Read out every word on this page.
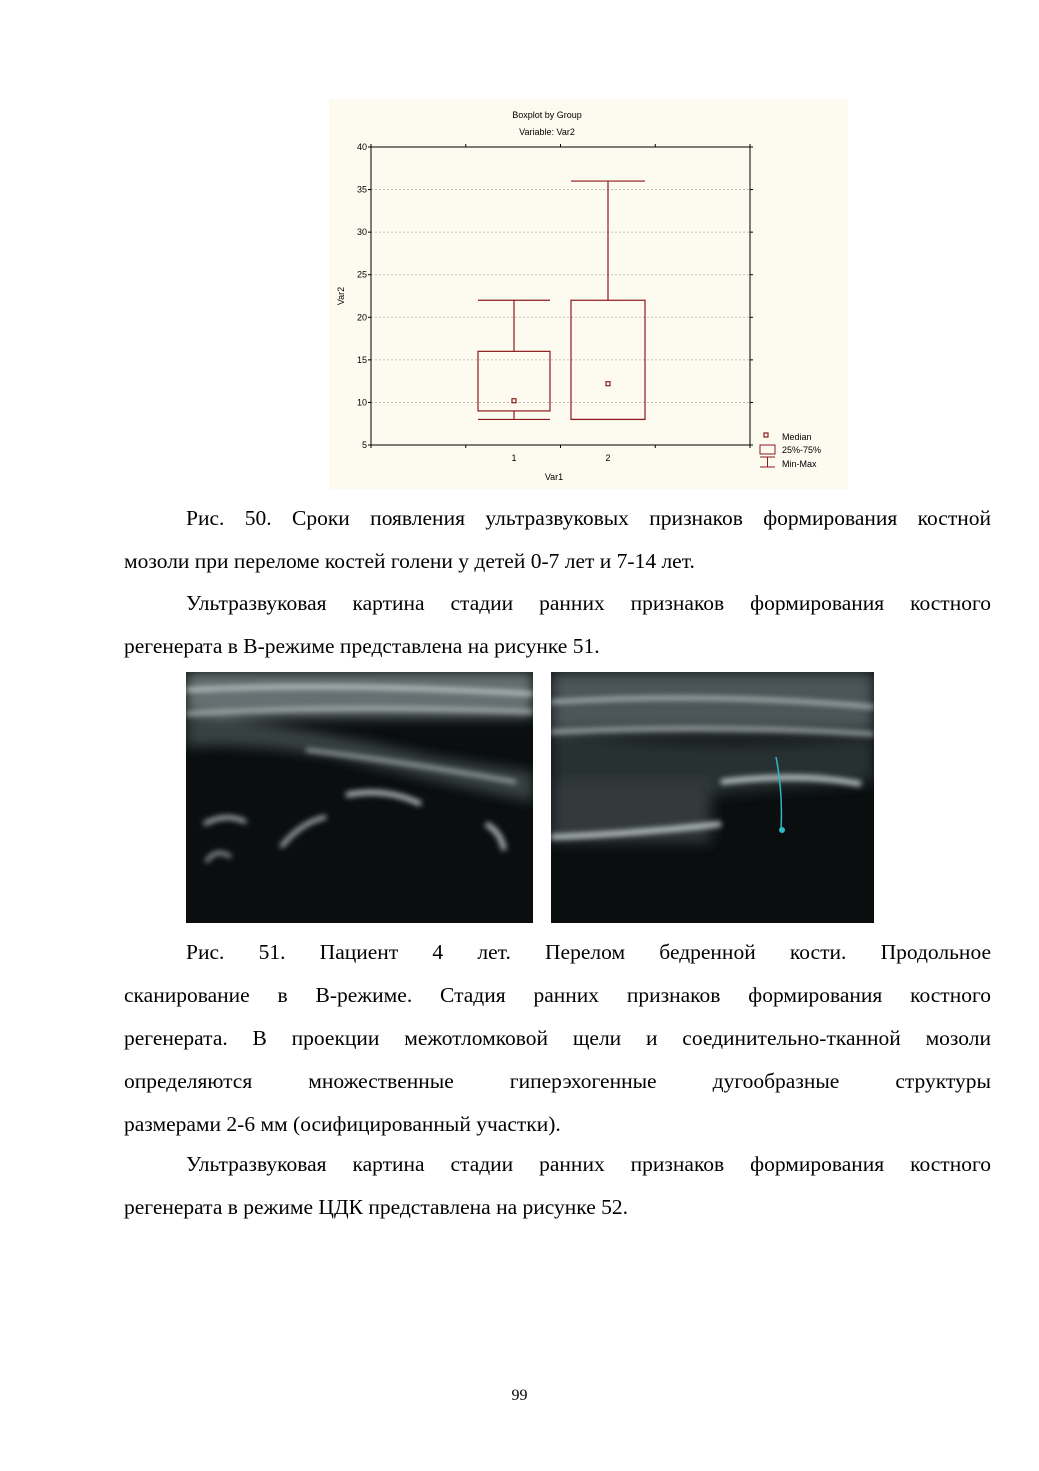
5
10
15
20
25
30
35
40
1	2
Boxplot by Group
Variable: Var2
Var1
Var2
Median
25%-75%
Min-Max

Рис. 50. Сроки появления ультразвуковых признаков формирования костной
мозоли при переломе костей голени у детей 0-7 лет и 7-14 лет.

Ультразвуковая картина стадии ранних признаков формирования костного
регенерата в В-режиме представлена на рисунке 51.

Рис. 51. Пациент 4 лет. Перелом бедренной кости. Продольное
сканирование в В-режиме. Стадия ранних признаков формирования костного
регенерата. В проекции межотломковой щели и соединительно-тканной мозоли
определяются множественные гиперэхогенные дугообразные структуры
размерами 2-6 мм (осифицированный участки).

Ультразвуковая картина стадии ранних признаков формирования костного
регенерата в режиме ЦДК представлена на рисунке 52.

99
